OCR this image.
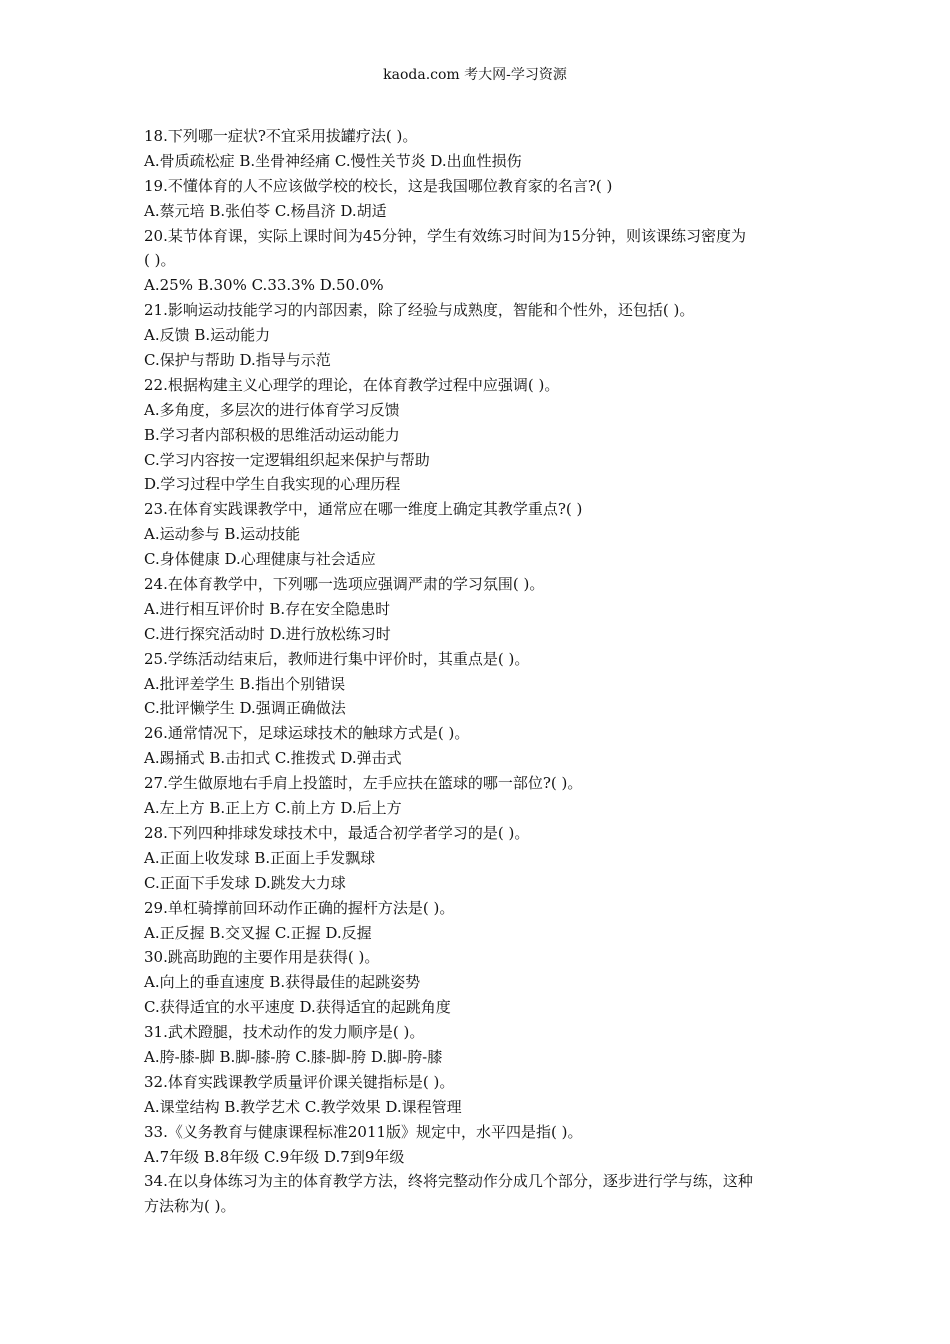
kaoda.com 考大网-学习资源
18.下列哪一症状?不宜采用拔罐疗法( )。
A.骨质疏松症 B.坐骨神经痛 C.慢性关节炎 D.出血性损伤
19.不懂体育的人不应该做学校的校长，这是我国哪位教育家的名言?( )
A.蔡元培 B.张伯苓 C.杨昌济 D.胡适
20.某节体育课，实际上课时间为45分钟，学生有效练习时间为15分钟，则该课练习密度为
( )。
A.25% B.30% C.33.3% D.50.0%
21.影响运动技能学习的内部因素，除了经验与成熟度，智能和个性外，还包括( )。
A.反馈 B.运动能力
C.保护与帮助 D.指导与示范
22.根据构建主义心理学的理论，在体育教学过程中应强调( )。
A.多角度，多层次的进行体育学习反馈
B.学习者内部积极的思维活动运动能力
C.学习内容按一定逻辑组织起来保护与帮助
D.学习过程中学生自我实现的心理历程
23.在体育实践课教学中，通常应在哪一维度上确定其教学重点?( )
A.运动参与 B.运动技能
C.身体健康 D.心理健康与社会适应
24.在体育教学中，下列哪一选项应强调严肃的学习氛围( )。
A.进行相互评价时 B.存在安全隐患时
C.进行探究活动时 D.进行放松练习时
25.学练活动结束后，教师进行集中评价时，其重点是( )。
A.批评差学生 B.指出个别错误
C.批评懒学生 D.强调正确做法
26.通常情况下，足球运球技术的触球方式是( )。
A.踢捅式 B.击扣式 C.推拨式 D.弹击式
27.学生做原地右手肩上投篮时，左手应扶在篮球的哪一部位?( )。
A.左上方 B.正上方 C.前上方 D.后上方
28.下列四种排球发球技术中，最适合初学者学习的是( )。
A.正面上收发球 B.正面上手发飘球
C.正面下手发球 D.跳发大力球
29.单杠骑撑前回环动作正确的握杆方法是( )。
A.正反握 B.交叉握 C.正握 D.反握
30.跳高助跑的主要作用是获得( )。
A.向上的垂直速度 B.获得最佳的起跳姿势
C.获得适宜的水平速度 D.获得适宜的起跳角度
31.武术蹬腿，技术动作的发力顺序是( )。
A.胯-膝-脚 B.脚-膝-胯 C.膝-脚-胯 D.脚-胯-膝
32.体育实践课教学质量评价课关键指标是( )。
A.课堂结构 B.教学艺术 C.教学效果 D.课程管理
33.《义务教育与健康课程标准2011版》规定中，水平四是指( )。
A.7年级 B.8年级 C.9年级 D.7到9年级
34.在以身体练习为主的体育教学方法，终将完整动作分成几个部分，逐步进行学与练，这种
方法称为( )。
